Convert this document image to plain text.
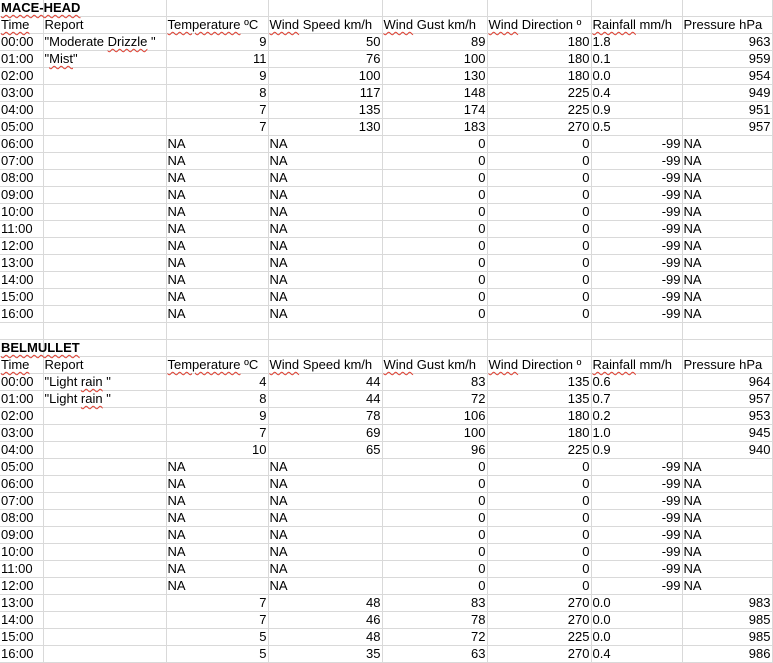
MACE-HEAD							
Time	Report	Temperature ºC	Wind Speed km/h	Wind Gust km/h	Wind Direction º	Rainfall mm/h	Pressure hPa
00:00	"Moderate Drizzle "	9	50	89	180	1.8	963
01:00	"Mist"	11	76	100	180	0.1	959
02:00		9	100	130	180	0.0	954
03:00		8	117	148	225	0.4	949
04:00		7	135	174	225	0.9	951
05:00		7	130	183	270	0.5	957
06:00		NA	NA	0	0	-99	NA
07:00		NA	NA	0	0	-99	NA
08:00		NA	NA	0	0	-99	NA
09:00		NA	NA	0	0	-99	NA
10:00		NA	NA	0	0	-99	NA
11:00		NA	NA	0	0	-99	NA
12:00		NA	NA	0	0	-99	NA
13:00		NA	NA	0	0	-99	NA
14:00		NA	NA	0	0	-99	NA
15:00		NA	NA	0	0	-99	NA
16:00		NA	NA	0	0	-99	NA

BELMULLET							
Time	Report	Temperature ºC	Wind Speed km/h	Wind Gust km/h	Wind Direction º	Rainfall mm/h	Pressure hPa
00:00	"Light rain "	4	44	83	135	0.6	964
01:00	"Light rain "	8	44	72	135	0.7	957
02:00		9	78	106	180	0.2	953
03:00		7	69	100	180	1.0	945
04:00		10	65	96	225	0.9	940
05:00		NA	NA	0	0	-99	NA
06:00		NA	NA	0	0	-99	NA
07:00		NA	NA	0	0	-99	NA
08:00		NA	NA	0	0	-99	NA
09:00		NA	NA	0	0	-99	NA
10:00		NA	NA	0	0	-99	NA
11:00		NA	NA	0	0	-99	NA
12:00		NA	NA	0	0	-99	NA
13:00		7	48	83	270	0.0	983
14:00		7	46	78	270	0.0	985
15:00		5	48	72	225	0.0	985
16:00		5	35	63	270	0.4	986
